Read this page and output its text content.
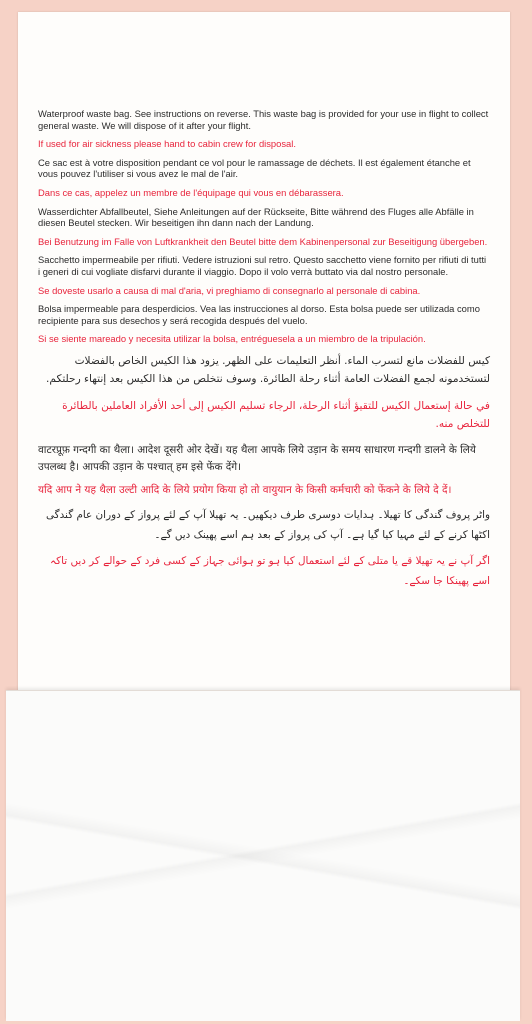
Waterproof waste bag. See instructions on reverse. This waste bag is provided for your use in flight to collect general waste. We will dispose of it after your flight.

If used for air sickness please hand to cabin crew for disposal.

Ce sac est à votre disposition pendant ce vol pour le ramassage de déchets. Il est également étanche et vous pouvez l'utiliser si vous avez le mal de l'air.

Dans ce cas, appelez un membre de l'équipage qui vous en débarassera.

Wasserdichter Abfallbeutel, Siehe Anleitungen auf der Rückseite, Bitte während des Fluges alle Abfälle in diesen Beutel stecken. Wir beseitigen ihn dann nach der Landung.

Bei Benutzung im Falle von Luftkrankheit den Beutel bitte dem Kabinenpersonal zur Beseitigung übergeben.

Sacchetto impermeabile per rifiuti. Vedere istruzioni sul retro. Questo sacchetto viene fornito per rifiuti di tutti i generi di cui vogliate disfarvi durante il viaggio. Dopo il volo verrà buttato via dal nostro personale.

Se doveste usarlo a causa di mal d'aria, vi preghiamo di consegnarlo al personale di cabina.

Bolsa impermeable para desperdicios. Vea las instrucciones al dorso. Esta bolsa puede ser utilizada como recipiente para sus desechos y será recogida después del vuelo.

Si se siente mareado y necesita utilizar la bolsa, entréguesela a un miembro de la tripulación.

كيس للفضلات مانع لتسرب الماء. أنظر التعليمات على الظهر. يزود هذا الكيس الخاص بالفضلات لتستخدمونه لجمع الفضلات العامة أثناء رحلة الطائرة. وسوف نتخلص من هذا الكيس بعد إنتهاء رحلتكم.

في حالة إستعمال الكيس للتقيؤ أثناء الرحلة، الرجاء تسليم الكيس إلى أحد الأفراد العاملين بالطائرة للتخلص منه.

वाटरप्रूफ़ गन्दगी का थैला। आदेश दूसरी ओर देखें। यह थैला आपके लिये उड़ान के समय साधारण गन्दगी डालने के लिये उपलब्ध है। आपकी उड़ान के पश्चात् हम इसे फेंक देंगे।

यदि आप ने यह थैला उल्टी आदि के लिये प्रयोग किया हो तो वायुयान के किसी कर्मचारी को फेंकने के लिये दे दें।

واٹر پروف گندگی کا تھیلا۔ ہدایات دوسری طرف دیکھیں۔ یہ تھیلا آپ کے لئے پرواز کے دوران عام گندگی اکٹھا کرنے کے لئے مہیا کیا گیا ہے۔ آپ کی پرواز کے بعد ہم اسے پھینک دیں گے۔

اگر آپ نے یہ تھیلا قے یا متلی کے لئے استعمال کیا ہو تو ہوائی جہاز کے کسی فرد کے حوالے کر دیں تاکہ اسے پھینکا جا سکے۔
